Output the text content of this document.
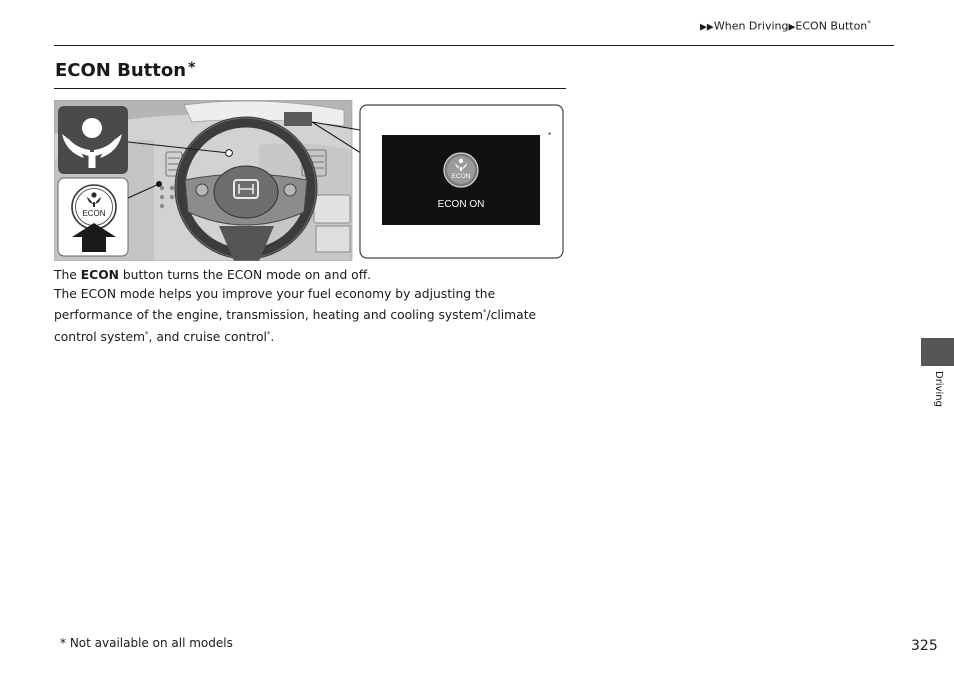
▶▶When Driving▶ECON Button*
ECON Button *
ECON
ECON
ECON ON
*

The ECON button turns the ECON mode on and off.

The ECON mode helps you improve your fuel economy by adjusting the performance of the engine, transmission, heating and cooling system*/climate control system*, and cruise control*.

* Not available on all models	325
Driving
